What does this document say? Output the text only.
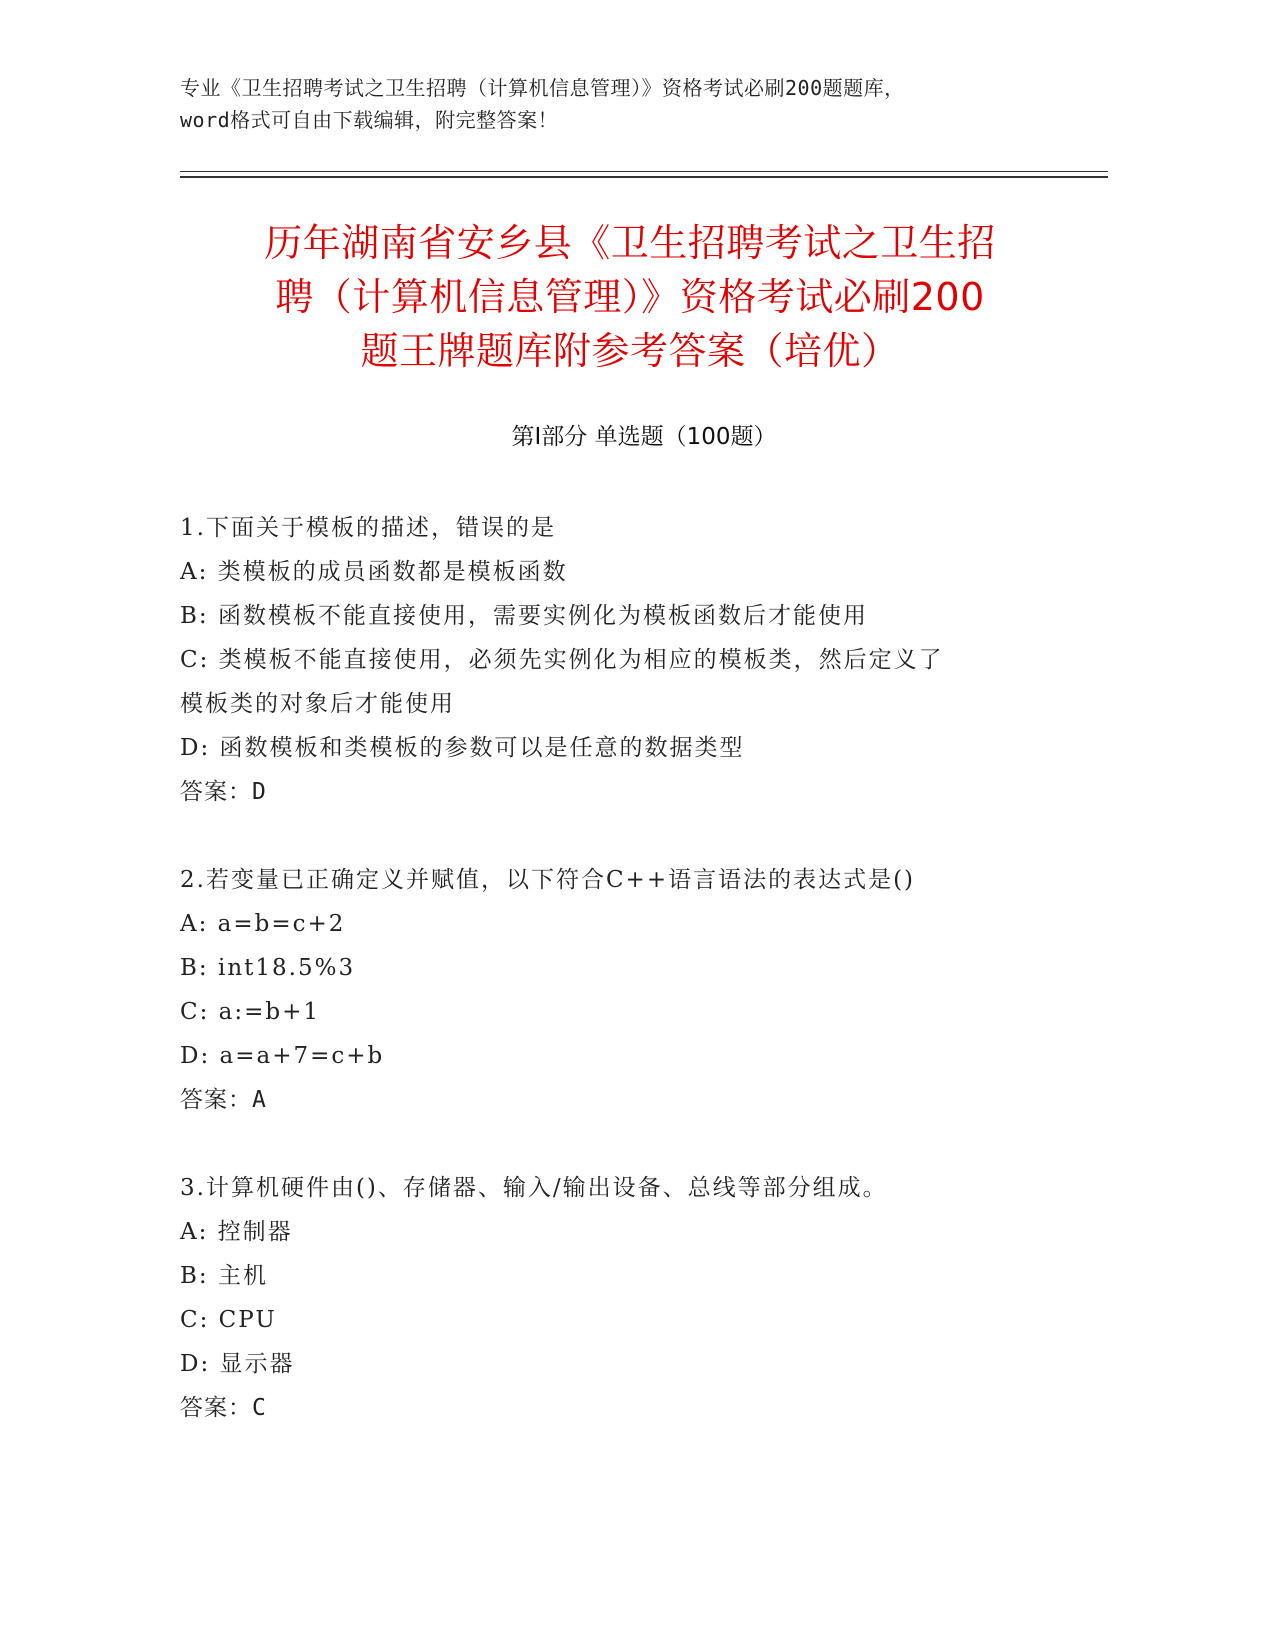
专业《卫生招聘考试之卫生招聘（计算机信息管理）》资格考试必刷200题题库，
word格式可自由下载编辑，附完整答案！
历年湖南省安乡县《卫生招聘考试之卫生招
聘（计算机信息管理）》资格考试必刷200
题王牌题库附参考答案（培优）
第I部分 单选题（100题）
1.下面关于模板的描述，错误的是
A: 类模板的成员函数都是模板函数
B: 函数模板不能直接使用，需要实例化为模板函数后才能使用
C: 类模板不能直接使用，必须先实例化为相应的模板类，然后定义了
模板类的对象后才能使用
D: 函数模板和类模板的参数可以是任意的数据类型
答案：D
2.若变量已正确定义并赋值，以下符合C++语言语法的表达式是()
A: a=b=c+2
B: int18.5%3
C: a:=b+1
D: a=a+7=c+b
答案：A
3.计算机硬件由()、存储器、输入/输出设备、总线等部分组成。
A: 控制器
B: 主机
C: CPU
D: 显示器
答案：C
